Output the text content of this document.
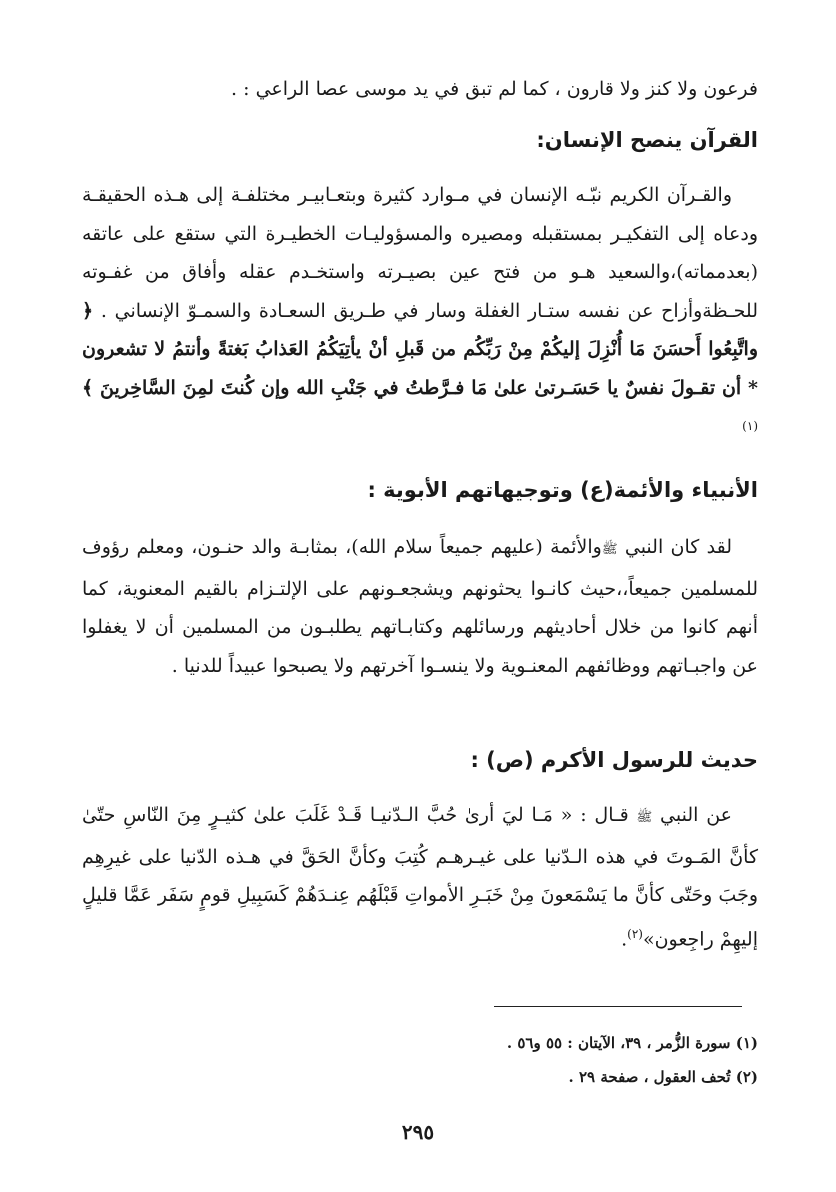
فرعون ولا كنز ولا قارون ، كما لم تبق في يد موسى عصا الراعي : .

القرآن ينصح الإنسان:

والقـرآن الكريم نبّـه الإنسان في مـوارد كثيرة وبتعـابيـر مختلفـة إلى هـذه الحقيقـة ودعاه إلى التفكيـر بمستقبله ومصيره والمسؤوليـات الخطيـرة التي ستقع على عاتقه (بعدمماته)،والسعيد هـو من فتح عين بصيـرته واستخـدم عقله وأفاق من غفـوته للحـظةوأزاح عن نفسه ستـار الغفلة وسار في طـريق السعـادة والسمـوّ الإنساني . ﴿ واتَّبِعُوا أَحسَنَ مَا أُنْزِلَ إليكُمْ مِنْ رَبِّكُم من قَبلِ أنْ يأتِيَكُمُ العَذابُ بَغتةً وأنتمُ لا تشعرون * أن تقـولَ نفسٌ يا حَسَـرتىٰ علىٰ مَا فـرَّطتُ في جَنْبِ الله وإن كُنتَ لمِنَ السَّاخِرينَ ﴾$^{(١)}$

الأنبياء والأئمة(ع) وتوجيهاتهم الأبوية :

لقد كان النبي ﷺوالأئمة (عليهم جميعاً سلام الله)، بمثابـة والد حنـون، ومعلم رؤوف للمسلمين جميعاً،،حيث كانـوا يحثونهم ويشجعـونهم على الإلتـزام بالقيم المعنوية، كما أنهم كانوا من خلال أحاديثهم ورسائلهم وكتابـاتهم يطلبـون من المسلمين أن لا يغفلوا عن واجبـاتهم ووظائفهم المعنـوية ولا ينسـوا آخرتهم ولا يصبحوا عبيداً للدنيا .

حديث للرسول الأكرم (ص) :

عن النبي ﷺ قـال : « مَـا ليَ أرىٰ حُبَّ الـدّنيـا قَـدْ غَلَبَ علىٰ كثيـرٍ مِنَ النّاسِ حتّىٰ كأنَّ المَـوتَ في هذه الـدّنيا على غيـرهـم كُتِبَ وكأنَّ الحَقَّ في هـذه الدّنيا على غيرِهِم وجَبَ وحَتّى كأنَّ ما يَسْمَعونَ مِنْ خَبَـرِ الأمواتِ قَبْلَهُم عِنـدَهُمْ كَسَبِيلِ قومٍ سَفَر عَمَّا قليلٍ إليهِمْ راجِعون»$^{(٢)}$.
(١) سورة الزُّمر ، ٣٩، الآيتان : ٥٥ و٥٦ .
(٢) تُحف العقول ، صفحة ٢٩ .
٢٩٥
